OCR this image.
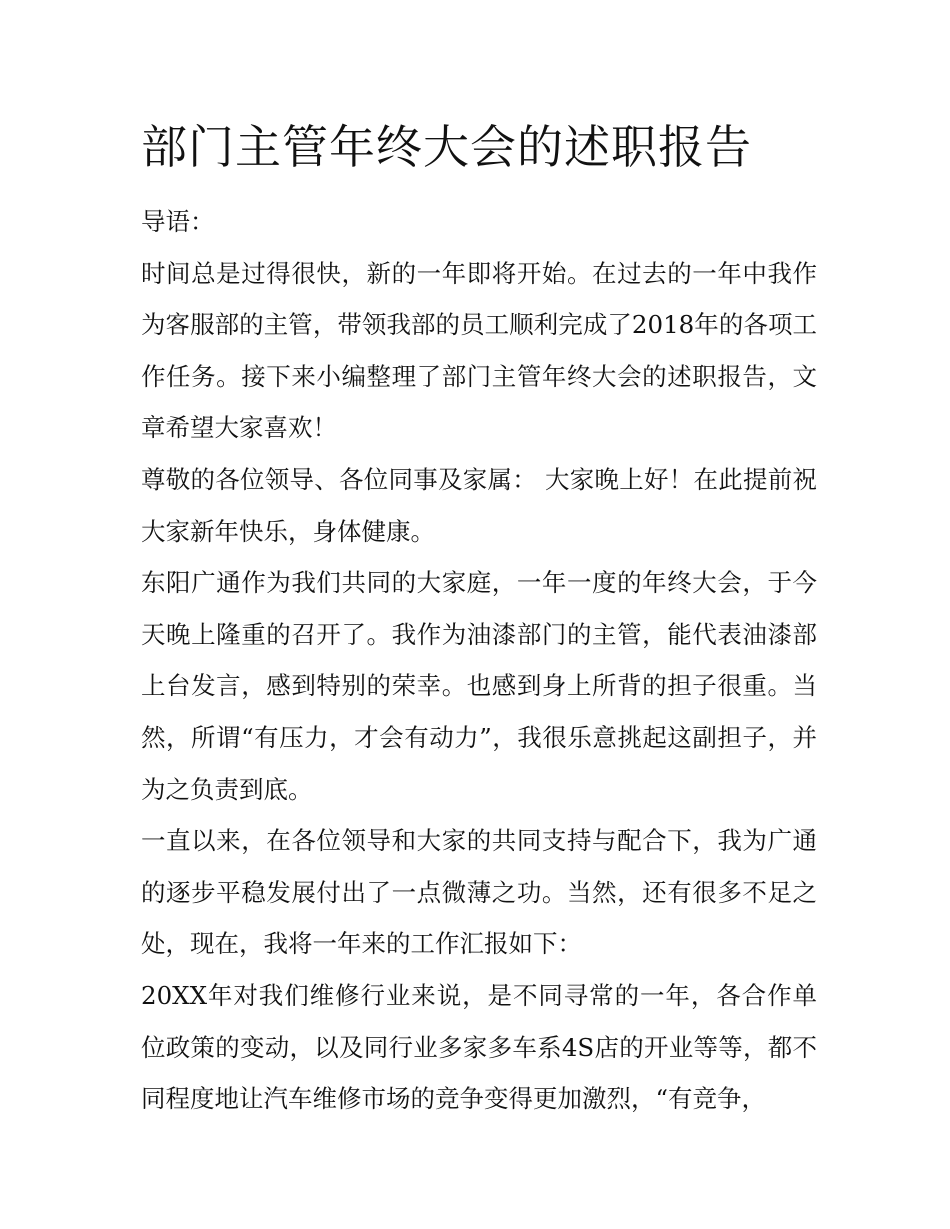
部门主管年终大会的述职报告

导语：

时间总是过得很快，新的一年即将开始。在过去的一年中我作为客服部的主管，带领我部的员工顺利完成了2018年的各项工作任务。接下来小编整理了部门主管年终大会的述职报告，文章希望大家喜欢！

尊敬的各位领导、各位同事及家属： 大家晚上好！在此提前祝大家新年快乐，身体健康。

东阳广通作为我们共同的大家庭，一年一度的年终大会，于今天晚上隆重的召开了。我作为油漆部门的主管，能代表油漆部上台发言，感到特别的荣幸。也感到身上所背的担子很重。当然，所谓“有压力，才会有动力”，我很乐意挑起这副担子，并为之负责到底。

一直以来，在各位领导和大家的共同支持与配合下，我为广通的逐步平稳发展付出了一点微薄之功。当然，还有很多不足之处，现在，我将一年来的工作汇报如下：

20XX年对我们维修行业来说，是不同寻常的一年，各合作单位政策的变动，以及同行业多家多车系4S店的开业等等，都不同程度地让汽车维修市场的竞争变得更加激烈，“有竞争，
